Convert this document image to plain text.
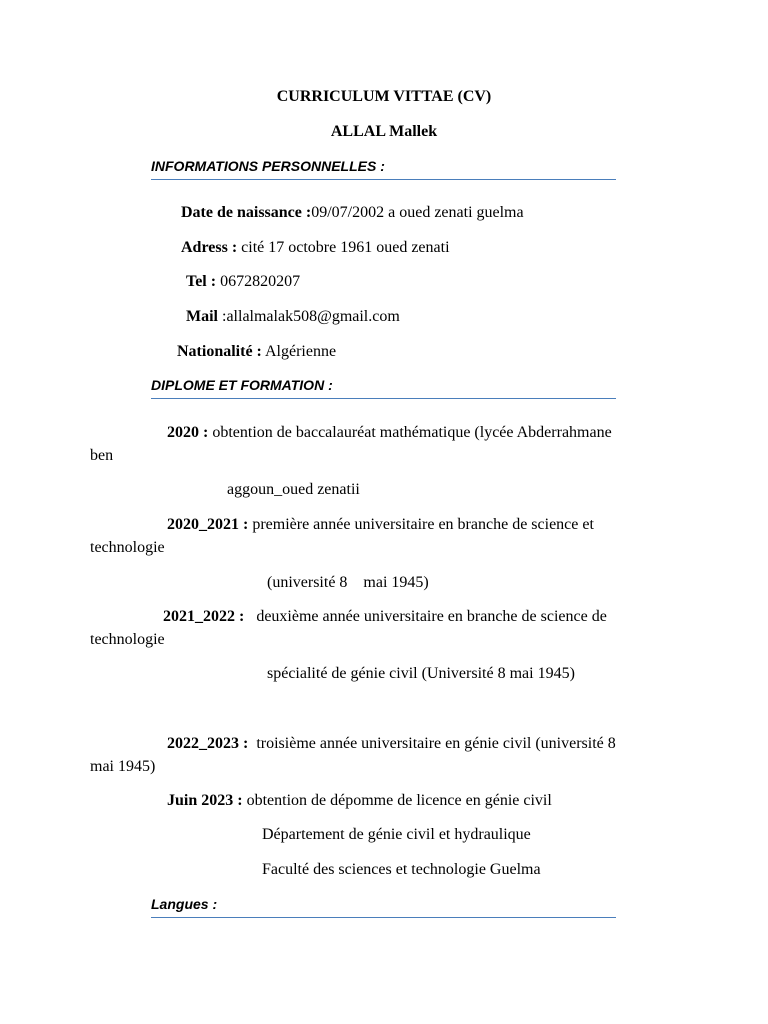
CURRICULUM VITTAE (CV)
ALLAL Mallek
INFORMATIONS PERSONNELLES :
Date de naissance :09/07/2002 a oued zenati guelma
Adress : cité 17 octobre 1961 oued zenati
Tel : 0672820207
Mail :allalmalak508@gmail.com
Nationalité : Algérienne
DIPLOME ET FORMATION :
2020 : obtention de baccalauréat mathématique (lycée Abderrahmane
ben
aggoun_oued zenatii
2020_2021 : première année universitaire en branche de science et
technologie
(université 8    mai 1945)
2021_2022 :   deuxième année universitaire en branche de science de
technologie
spécialité de génie civil (Université 8 mai 1945)
2022_2023 :  troisième année universitaire en génie civil (université 8
mai 1945)
Juin 2023 : obtention de dépomme de licence en génie civil
Département de génie civil et hydraulique
Faculté des sciences et technologie Guelma
Langues :
